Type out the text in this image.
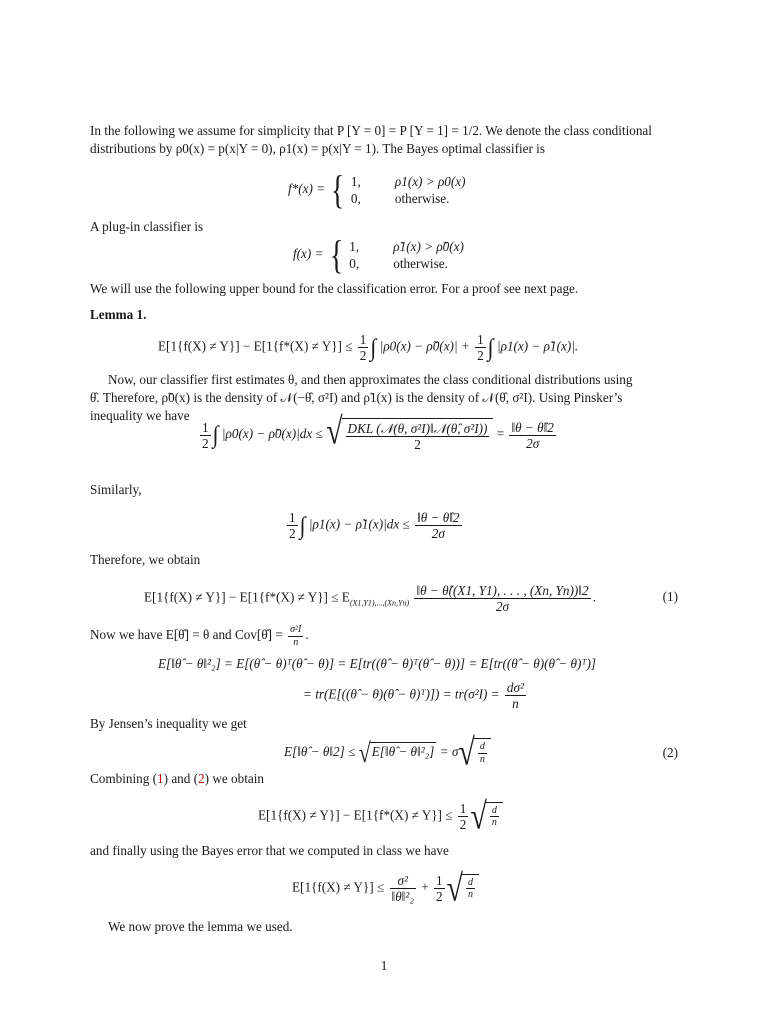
In the following we assume for simplicity that P [Y = 0] = P [Y = 1] = 1/2. We denote the class conditional
distributions by ρ0(x) = p(x|Y = 0), ρ1(x) = p(x|Y = 1). The Bayes optimal classifier is
f*(x) = { 1,	ρ1(x) > ρ0(x)
0,	otherwise.
A plug-in classifier is
f(x) = { 1,	ρ̃1(x) > ρ̃0(x)
0,	otherwise.
We will use the following upper bound for the classification error. For a proof see next page.
Lemma 1.
$E[1\{f(X) \ne Y\}] - E[1\{f*(X) \ne Y\}] \le \frac{1}{2}$ ∫ |ρ0(x) − ρ̃0(x)| + $\frac{1}{2}$ ∫ |ρ1(x) − ρ̃1(x)|.
Now, our classifier first estimates θ, and then approximates the class conditional distributions using
θ̂. Therefore, ρ̃0(x) is the density of 𝒩(−θ̂, σ²I) and ρ̃1(x) is the density of 𝒩(θ̂, σ²I). Using Pinsker’s
inequality we have
$\frac{1}{2}$ ∫ |ρ0(x) − ρ̃0(x)|dx ≤ √ $\frac{\text{DKL (𝒩(θ, σ²I)‖𝒩(θ̂, σ²I))}}{2} = \frac{‖\theta - \thetâ‖2}{2\sigma}$
Similarly,
$\frac{1}{2}$ ∫ |ρ1(x) − ρ̃1(x)|dx ≤ $\frac{‖\theta - \thetâ‖2}{2\sigma}$
Therefore, we obtain
$E[1\{f(X) \ne Y\}] - E[1\{f*(X) \ne Y\}] \le E_{(X1,Y1),...,(Xn,Yn)} \frac{‖\theta - \thetâ((X1, Y1), . . . , (Xn, Yn))‖2}{2\sigma}$ .	(1)
Now we have E[θ̂] = θ and Cov[θ̂] = $\frac{\text{σ²I}}{n}$ .
E[‖θ̂ − θ‖²₂] = E[(θ̂ − θ)ᵀ(θ̂ − θ)] = E[tr((θ̂ − θ)ᵀ(θ̂ − θ))] = E[tr((θ̂ − θ)(θ̂ − θ)ᵀ)]
= tr(E[((θ̂ − θ)(θ̂ − θ)ᵀ)]) = $tr(\sigma^2I) = \frac{\text{dσ²}}{n}$
By Jensen’s inequality we get
E[‖θ̂ − θ‖2] ≤ √ E[‖θ̂ − θ‖²₂] = σ √ $\frac{d}{n}$	(2)
Combining (1) and (2) we obtain
$E[1\{f(X) \ne Y\}] - E[1\{f*(X) \ne Y\}] \le \frac{1}{2}$ √ $\frac{d}{n}$
and finally using the Bayes error that we computed in class we have
$E[1\{f(X) \ne Y\}] \le \frac{\text{σ²}}{\text{‖θ‖²₂}} + \frac{1}{2}$ √ $\frac{d}{n}$
We now prove the lemma we used.
1
